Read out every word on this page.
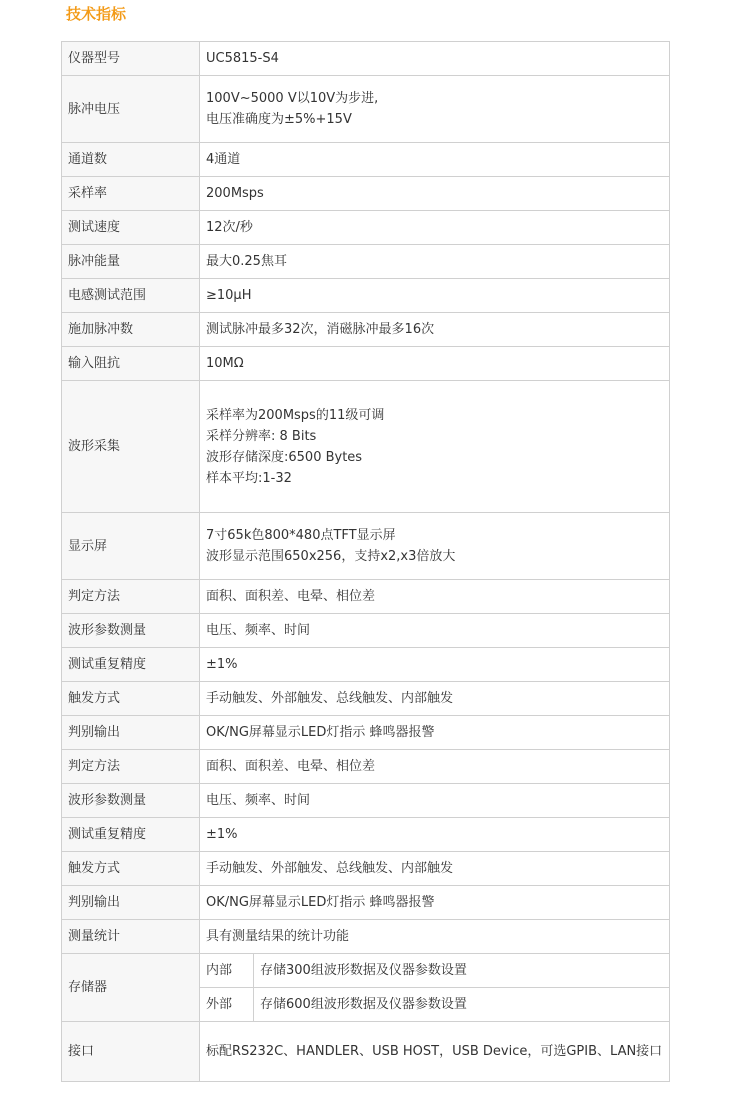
技术指标
仪器型号	UC5815-S4	
脉冲电压	100V~5000 V以10V为步进,
电压准确度为±5%+15V	

通道数	4通道	
采样率	200Msps	
测试速度	12次/秒	
脉冲能量	最大0.25焦耳	
电感测试范围	≥10μH	
施加脉冲数	测试脉冲最多32次，消磁脉冲最多16次	
输入阻抗	10MΩ	
波形采集	采样率为200Msps的11级可调
采样分辨率: 8 Bits
波形存储深度:6500 Bytes
样本平均:1-32	

显示屏	7寸65k色800*480点TFT显示屏
波形显示范围650x256，支持x2,x3倍放大	

判定方法	面积、面积差、电晕、相位差	
波形参数测量	电压、频率、时间	
测试重复精度	±1%	
触发方式	手动触发、外部触发、总线触发、内部触发	
判别输出	OK/NG屏幕显示LED灯指示 蜂鸣器报警	
判定方法	面积、面积差、电晕、相位差	
波形参数测量	电压、频率、时间	
测试重复精度	±1%	
触发方式	手动触发、外部触发、总线触发、内部触发	
判别输出	OK/NG屏幕显示LED灯指示 蜂鸣器报警	
测量统计	具有测量结果的统计功能	
存储器	内部	存储300组波形数据及仪器参数设置
	外部	存储600组波形数据及仪器参数设置
接口	标配RS232C、HANDLER、USB HOST，USB Device，可选GPIB、LAN接口	
